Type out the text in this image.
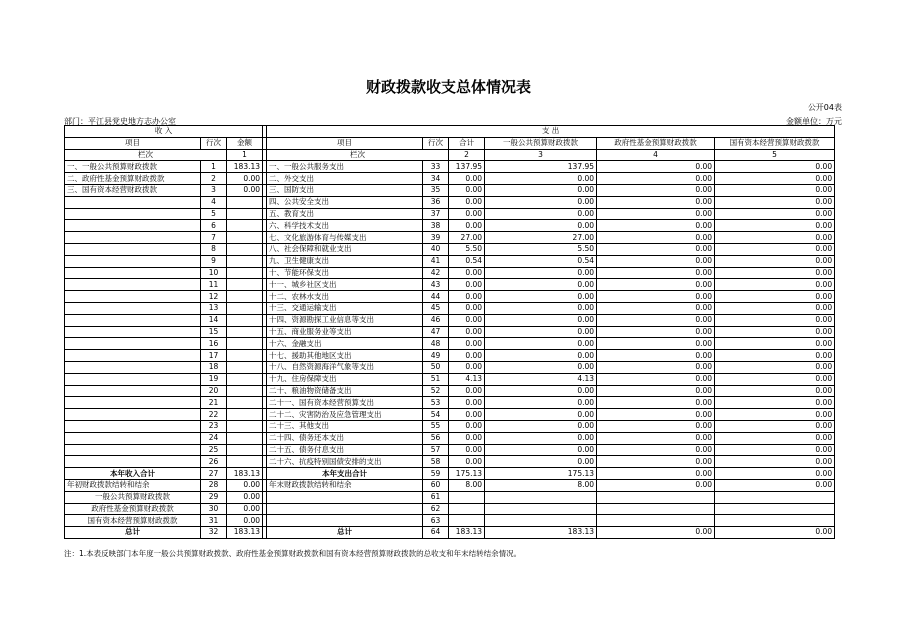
财政拨款收支总体情况表
公开04表
部门：平江县党史地方志办公室	金额单位：万元
收 入				支 出					
项目	行次	金额		项目	行次	合计	一般公共预算财政拨款	政府性基金预算财政拨款	国有资本经营预算财政拨款
栏次		1		栏次		2	3	4	5
一、一般公共预算财政拨款	1	183.13		一、一般公共服务支出	33	137.95	137.95	0.00	0.00
二、政府性基金预算财政拨款	2	0.00		二、外交支出	34	0.00	0.00	0.00	0.00
三、国有资本经营财政拨款	3	0.00		三、国防支出	35	0.00	0.00	0.00	0.00
	4			四、公共安全支出	36	0.00	0.00	0.00	0.00
	5			五、教育支出	37	0.00	0.00	0.00	0.00
	6			六、科学技术支出	38	0.00	0.00	0.00	0.00
	7			七、文化旅游体育与传媒支出	39	27.00	27.00	0.00	0.00
	8			八、社会保障和就业支出	40	5.50	5.50	0.00	0.00
	9			九、卫生健康支出	41	0.54	0.54	0.00	0.00
	10			十、节能环保支出	42	0.00	0.00	0.00	0.00
	11			十一、城乡社区支出	43	0.00	0.00	0.00	0.00
	12			十二、农林水支出	44	0.00	0.00	0.00	0.00
	13			十三、交通运输支出	45	0.00	0.00	0.00	0.00
	14			十四、资源勘探工业信息等支出	46	0.00	0.00	0.00	0.00
	15			十五、商业服务业等支出	47	0.00	0.00	0.00	0.00
	16			十六、金融支出	48	0.00	0.00	0.00	0.00
	17			十七、援助其他地区支出	49	0.00	0.00	0.00	0.00
	18			十八、自然资源海洋气象等支出	50	0.00	0.00	0.00	0.00
	19			十九、住房保障支出	51	4.13	4.13	0.00	0.00
	20			二十、粮油物资储备支出	52	0.00	0.00	0.00	0.00
	21			二十一、国有资本经营预算支出	53	0.00	0.00	0.00	0.00
	22			二十二、灾害防治及应急管理支出	54	0.00	0.00	0.00	0.00
	23			二十三、其他支出	55	0.00	0.00	0.00	0.00
	24			二十四、债务还本支出	56	0.00	0.00	0.00	0.00
	25			二十五、债务付息支出	57	0.00	0.00	0.00	0.00
	26			二十六、抗疫特别国债安排的支出	58	0.00	0.00	0.00	0.00
本年收入合计	27	183.13		本年支出合计	59	175.13	175.13	0.00	0.00
年初财政拨款结转和结余	28	0.00		年末财政拨款结转和结余	60	8.00	8.00	0.00	0.00
一般公共预算财政拨款	29	0.00			61				
政府性基金预算财政拨款	30	0.00			62				
国有资本经营预算财政拨款	31	0.00			63				
总计	32	183.13		总计	64	183.13	183.13	0.00	0.00
注：1.本表反映部门本年度一般公共预算财政拨款、政府性基金预算财政拨款和国有资本经营预算财政拨款的总收支和年末结转结余情况。
